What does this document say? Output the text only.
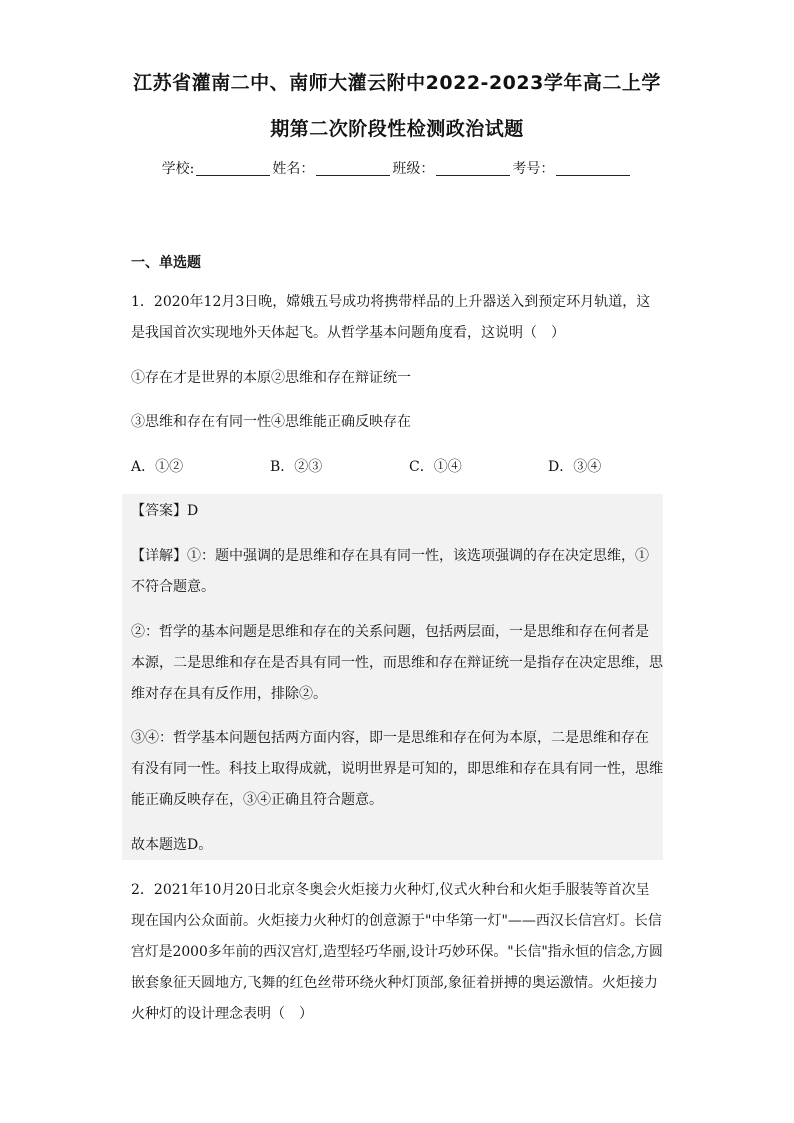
江苏省灌南二中、南师大灌云附中2022-2023学年高二上学
期第二次阶段性检测政治试题
学校:	姓名：	班级：	考号：
一、单选题
1．2020年12月3日晚，嫦娥五号成功将携带样品的上升器送入到预定环月轨道，这
是我国首次实现地外天体起飞。从哲学基本问题角度看，这说明（　）
①存在才是世界的本原②思维和存在辩证统一
③思维和存在有同一性④思维能正确反映存在
A．①②	B．②③	C．①④	D．③④
【答案】D
【详解】①：题中强调的是思维和存在具有同一性，该选项强调的存在决定思维，①
不符合题意。
②：哲学的基本问题是思维和存在的关系问题，包括两层面，一是思维和存在何者是
本源，二是思维和存在是否具有同一性，而思维和存在辩证统一是指存在决定思维，思
维对存在具有反作用，排除②。
③④：哲学基本问题包括两方面内容，即一是思维和存在何为本原，二是思维和存在
有没有同一性。科技上取得成就，说明世界是可知的，即思维和存在具有同一性，思维
能正确反映存在，③④正确且符合题意。
故本题选D。
2．2021年10月20日北京冬奥会火炬接力火种灯,仪式火种台和火炬手服装等首次呈
现在国内公众面前。火炬接力火种灯的创意源于"中华第一灯"——西汉长信宫灯。长信
宫灯是2000多年前的西汉宫灯,造型轻巧华丽,设计巧妙环保。"长信"指永恒的信念,方圆
嵌套象征天圆地方,飞舞的红色丝带环绕火种灯顶部,象征着拼搏的奥运激情。火炬接力
火种灯的设计理念表明（　）
